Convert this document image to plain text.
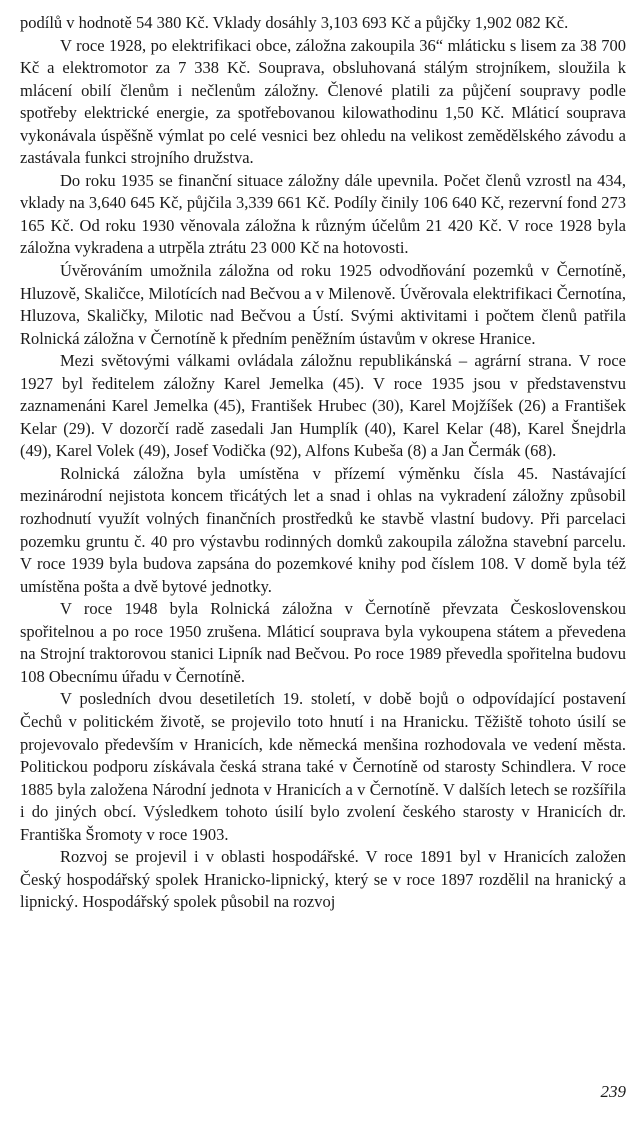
podílů v hodnotě 54 380 Kč. Vklady dosáhly 3,103 693 Kč a půjčky 1,902 082 Kč.

V roce 1928, po elektrifikaci obce, záložna zakoupila 36“ mláticku s lisem za 38 700 Kč a elektromotor za 7 338 Kč. Souprava, obsluhovaná stálým strojníkem, sloužila k mlácení obilí členům i nečlenům záložny. Členové platili za půjčení soupravy podle spotřeby elektrické energie, za spotřebovanou kilowathodinu 1,50 Kč. Mláticí souprava vykonávala úspěšně výmlat po celé vesnici bez ohledu na velikost zemědělského závodu a zastávala funkci strojního družstva.

Do roku 1935 se finanční situace záložny dále upevnila. Počet členů vzrostl na 434, vklady na 3,640 645 Kč, půjčila 3,339 661 Kč. Podíly činily 106 640 Kč, rezervní fond 273 165 Kč. Od roku 1930 věnovala záložna k různým účelům 21 420 Kč. V roce 1928 byla záložna vykradena a utrpěla ztrátu 23 000 Kč na hotovosti.

Úvěrováním umožnila záložna od roku 1925 odvodňování pozemků v Černotíně, Hluzově, Skaličce, Milotících nad Bečvou a v Milenově. Úvěrovala elektrifikaci Černotína, Hluzova, Skaličky, Milotic nad Bečvou a Ústí. Svými aktivitami i počtem členů patřila Rolnická záložna v Černotíně k předním peněžním ústavům v okrese Hranice.

Mezi světovými válkami ovládala záložnu republikánská – agrární strana. V roce 1927 byl ředitelem záložny Karel Jemelka (45). V roce 1935 jsou v představenstvu zaznamenáni Karel Jemelka (45), František Hrubec (30), Karel Mojžíšek (26) a František Kelar (29). V dozorčí radě zasedali Jan Humplík (40), Karel Kelar (48), Karel Šnejdrla (49), Karel Volek (49), Josef Vodička (92), Alfons Kubeša (8) a Jan Čermák (68).

Rolnická záložna byla umístěna v přízemí výměnku čísla 45. Nastávající mezinárodní nejistota koncem třicátých let a snad i ohlas na vykradení záložny způsobil rozhodnutí využít volných finančních prostředků ke stavbě vlastní budovy. Při parcelaci pozemku gruntu č. 40 pro výstavbu rodinných domků zakoupila záložna stavební parcelu. V roce 1939 byla budova zapsána do pozemkové knihy pod číslem 108. V domě byla též umístěna pošta a dvě bytové jednotky.

V roce 1948 byla Rolnická záložna v Černotíně převzata Československou spořitelnou a po roce 1950 zrušena. Mláticí souprava byla vykoupena státem a převedena na Strojní traktorovou stanici Lipník nad Bečvou. Po roce 1989 převedla spořitelna budovu 108 Obecnímu úřadu v Černotíně.

V posledních dvou desetiletích 19. století, v době bojů o odpovídající postavení Čechů v politickém životě, se projevilo toto hnutí i na Hranicku. Těžiště tohoto úsilí se projevovalo především v Hranicích, kde německá menšina rozhodovala ve vedení města. Politickou podporu získávala česká strana také v Černotíně od starosty Schindlera. V roce 1885 byla založena Národní jednota v Hranicích a v Černotíně. V dalších letech se rozšířila i do jiných obcí. Výsledkem tohoto úsilí bylo zvolení českého starosty v Hranicích dr. Františka Šromoty v roce 1903.

Rozvoj se projevil i v oblasti hospodářské. V roce 1891 byl v Hranicích založen Český hospodářský spolek Hranicko-lipnický, který se v roce 1897 rozdělil na hranický a lipnický. Hospodářský spolek působil na rozvoj

239
